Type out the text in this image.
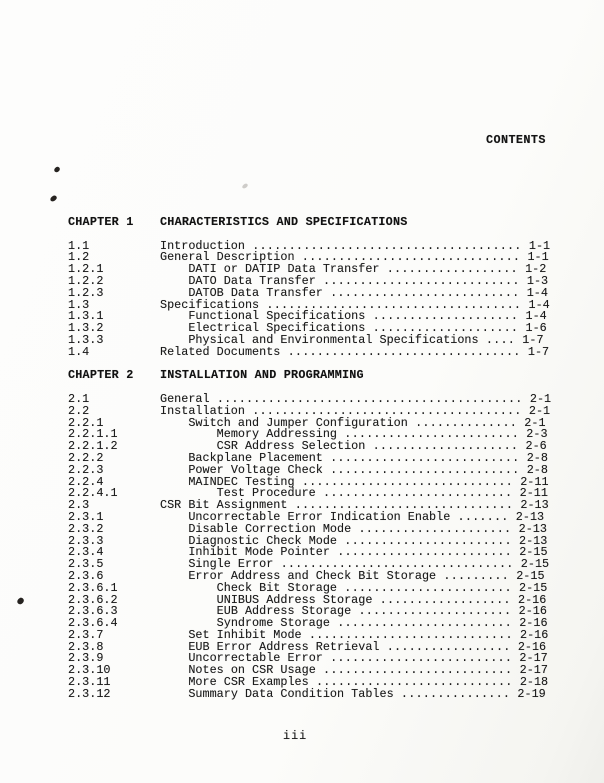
CONTENTS
CHAPTER 1 CHARACTERISTICS AND SPECIFICATIONS
1.1	Introduction ..................................... 1-1
1.2	General Description .............................. 1-1
1.2.1	DATI or DATIP Data Transfer .................. 1-2
1.2.2	DATO Data Transfer ........................... 1-3
1.2.3	DATOB Data Transfer .......................... 1-4
1.3	Specifications ................................... 1-4
1.3.1	Functional Specifications .................... 1-4
1.3.2	Electrical Specifications .................... 1-6
1.3.3	Physical and Environmental Specifications .... 1-7
1.4	Related Documents ................................ 1-7
CHAPTER 2 INSTALLATION AND PROGRAMMING
2.1	General .......................................... 2-1
2.2	Installation ..................................... 2-1
2.2.1	Switch and Jumper Configuration .............. 2-1
2.2.1.1	Memory Addressing ........................ 2-3
2.2.1.2	CSR Address Selection .................... 2-6
2.2.2	Backplane Placement .......................... 2-8
2.2.3	Power Voltage Check .......................... 2-8
2.2.4	MAINDEC Testing ............................. 2-11
2.2.4.1	Test Procedure .......................... 2-11
2.3	CSR Bit Assignment .............................. 2-13
2.3.1	Uncorrectable Error Indication Enable ....... 2-13
2.3.2	Disable Correction Mode ..................... 2-13
2.3.3	Diagnostic Check Mode ....................... 2-13
2.3.4	Inhibit Mode Pointer ........................ 2-15
2.3.5	Single Error ................................ 2-15
2.3.6	Error Address and Check Bit Storage ......... 2-15
2.3.6.1	Check Bit Storage ....................... 2-15
2.3.6.2	UNIBUS Address Storage .................. 2-16
2.3.6.3	EUB Address Storage ..................... 2-16
2.3.6.4	Syndrome Storage ........................ 2-16
2.3.7	Set Inhibit Mode ............................ 2-16
2.3.8	EUB Error Address Retrieval ................. 2-16
2.3.9	Uncorrectable Error ......................... 2-17
2.3.10	Notes on CSR Usage .......................... 2-17
2.3.11	More CSR Examples ........................... 2-18
2.3.12	Summary Data Condition Tables ............... 2-19
iii
